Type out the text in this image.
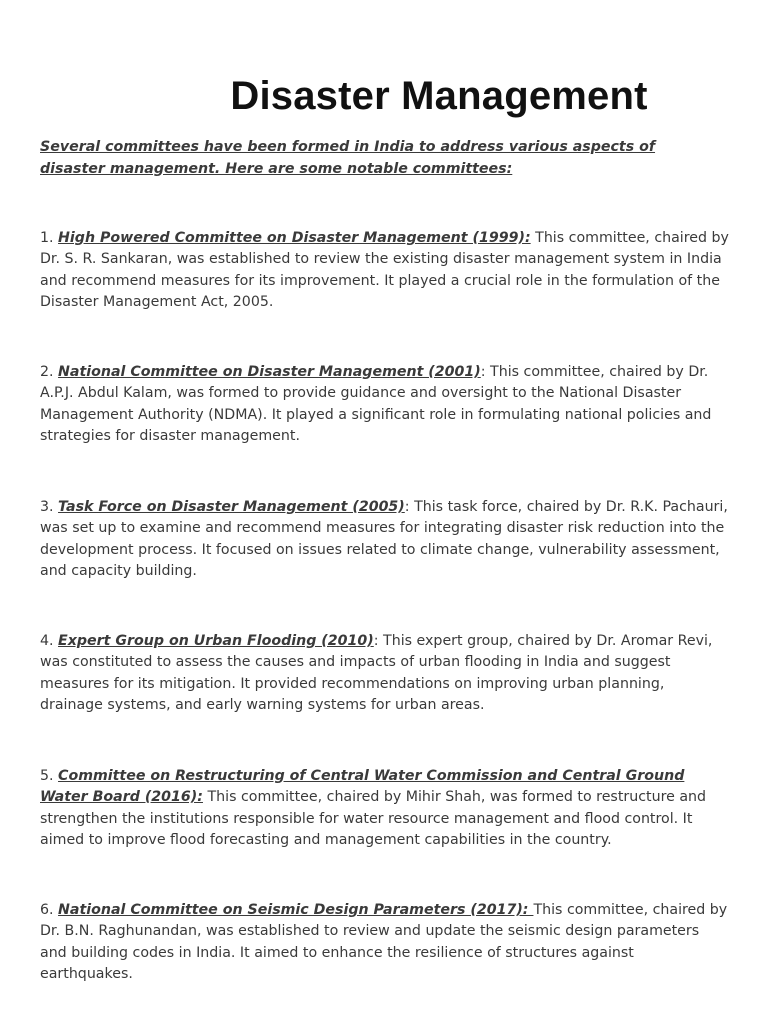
Disaster Management

Several committees have been formed in India to address various aspects of disaster management. Here are some notable committees:

1. High Powered Committee on Disaster Management (1999): This committee, chaired by Dr. S. R. Sankaran, was established to review the existing disaster management system in India and recommend measures for its improvement. It played a crucial role in the formulation of the Disaster Management Act, 2005.

2. National Committee on Disaster Management (2001): This committee, chaired by Dr. A.P.J. Abdul Kalam, was formed to provide guidance and oversight to the National Disaster Management Authority (NDMA). It played a significant role in formulating national policies and strategies for disaster management.

3. Task Force on Disaster Management (2005): This task force, chaired by Dr. R.K. Pachauri, was set up to examine and recommend measures for integrating disaster risk reduction into the development process. It focused on issues related to climate change, vulnerability assessment, and capacity building.

4. Expert Group on Urban Flooding (2010): This expert group, chaired by Dr. Aromar Revi, was constituted to assess the causes and impacts of urban flooding in India and suggest measures for its mitigation. It provided recommendations on improving urban planning, drainage systems, and early warning systems for urban areas.

5. Committee on Restructuring of Central Water Commission and Central Ground Water Board (2016): This committee, chaired by Mihir Shah, was formed to restructure and strengthen the institutions responsible for water resource management and flood control. It aimed to improve flood forecasting and management capabilities in the country.

6. National Committee on Seismic Design Parameters (2017): This committee, chaired by Dr. B.N. Raghunandan, was established to review and update the seismic design parameters and building codes in India. It aimed to enhance the resilience of structures against earthquakes.
